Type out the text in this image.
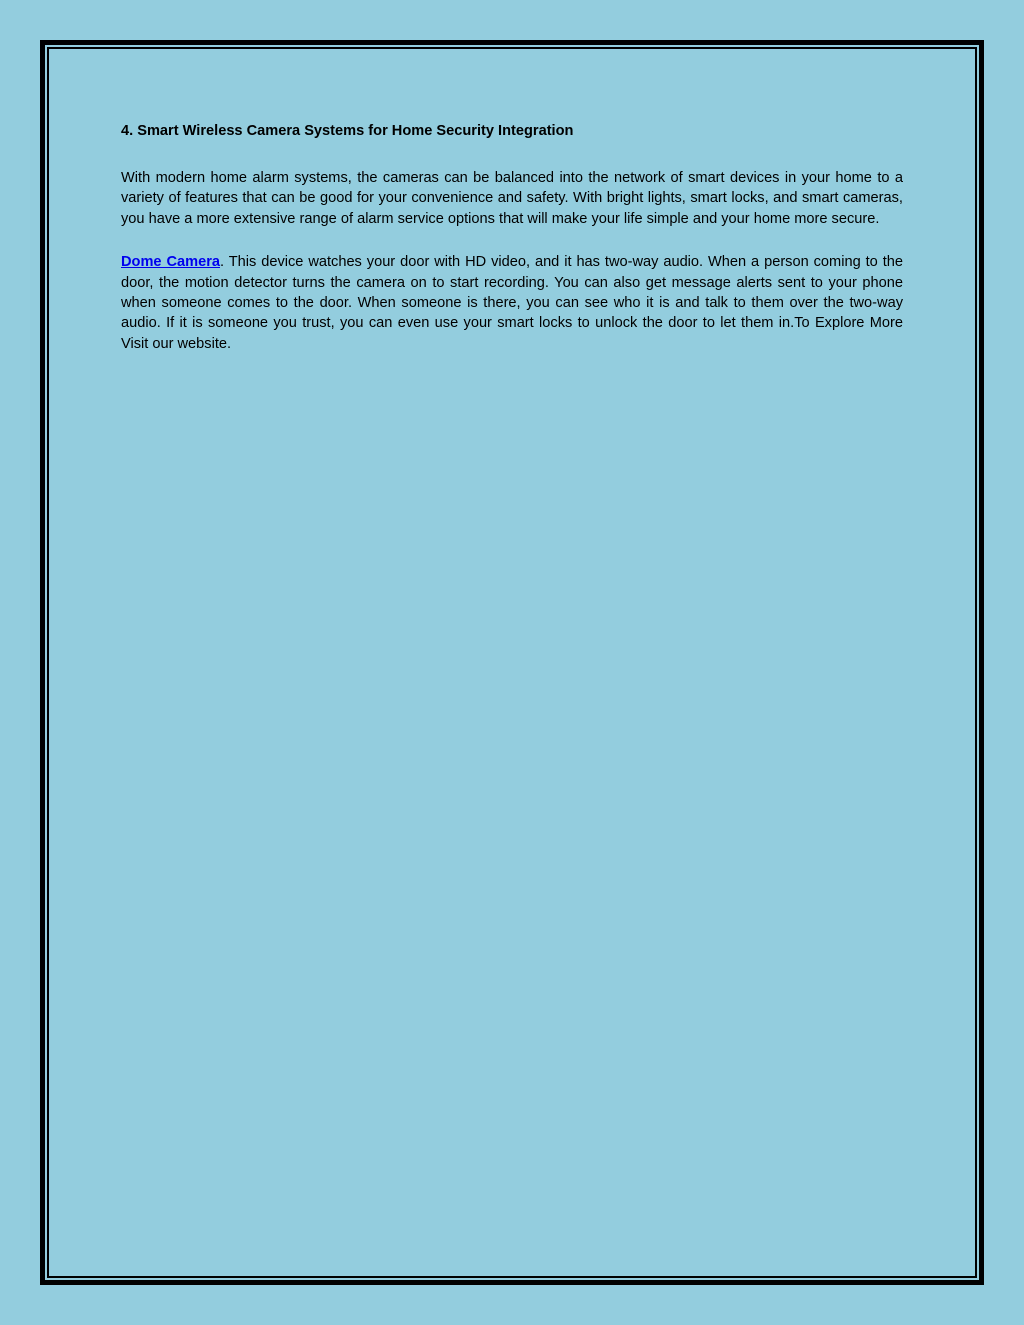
4. Smart Wireless Camera Systems for Home Security Integration

With modern home alarm systems, the cameras can be balanced into the network of smart devices in your home to a variety of features that can be good for your convenience and safety. With bright lights, smart locks, and smart cameras, you have a more extensive range of alarm service options that will make your life simple and your home more secure.

Dome Camera. This device watches your door with HD video, and it has two-way audio. When a person coming to the door, the motion detector turns the camera on to start recording. You can also get message alerts sent to your phone when someone comes to the door. When someone is there, you can see who it is and talk to them over the two-way audio. If it is someone you trust, you can even use your smart locks to unlock the door to let them in.To Explore More Visit our website.
